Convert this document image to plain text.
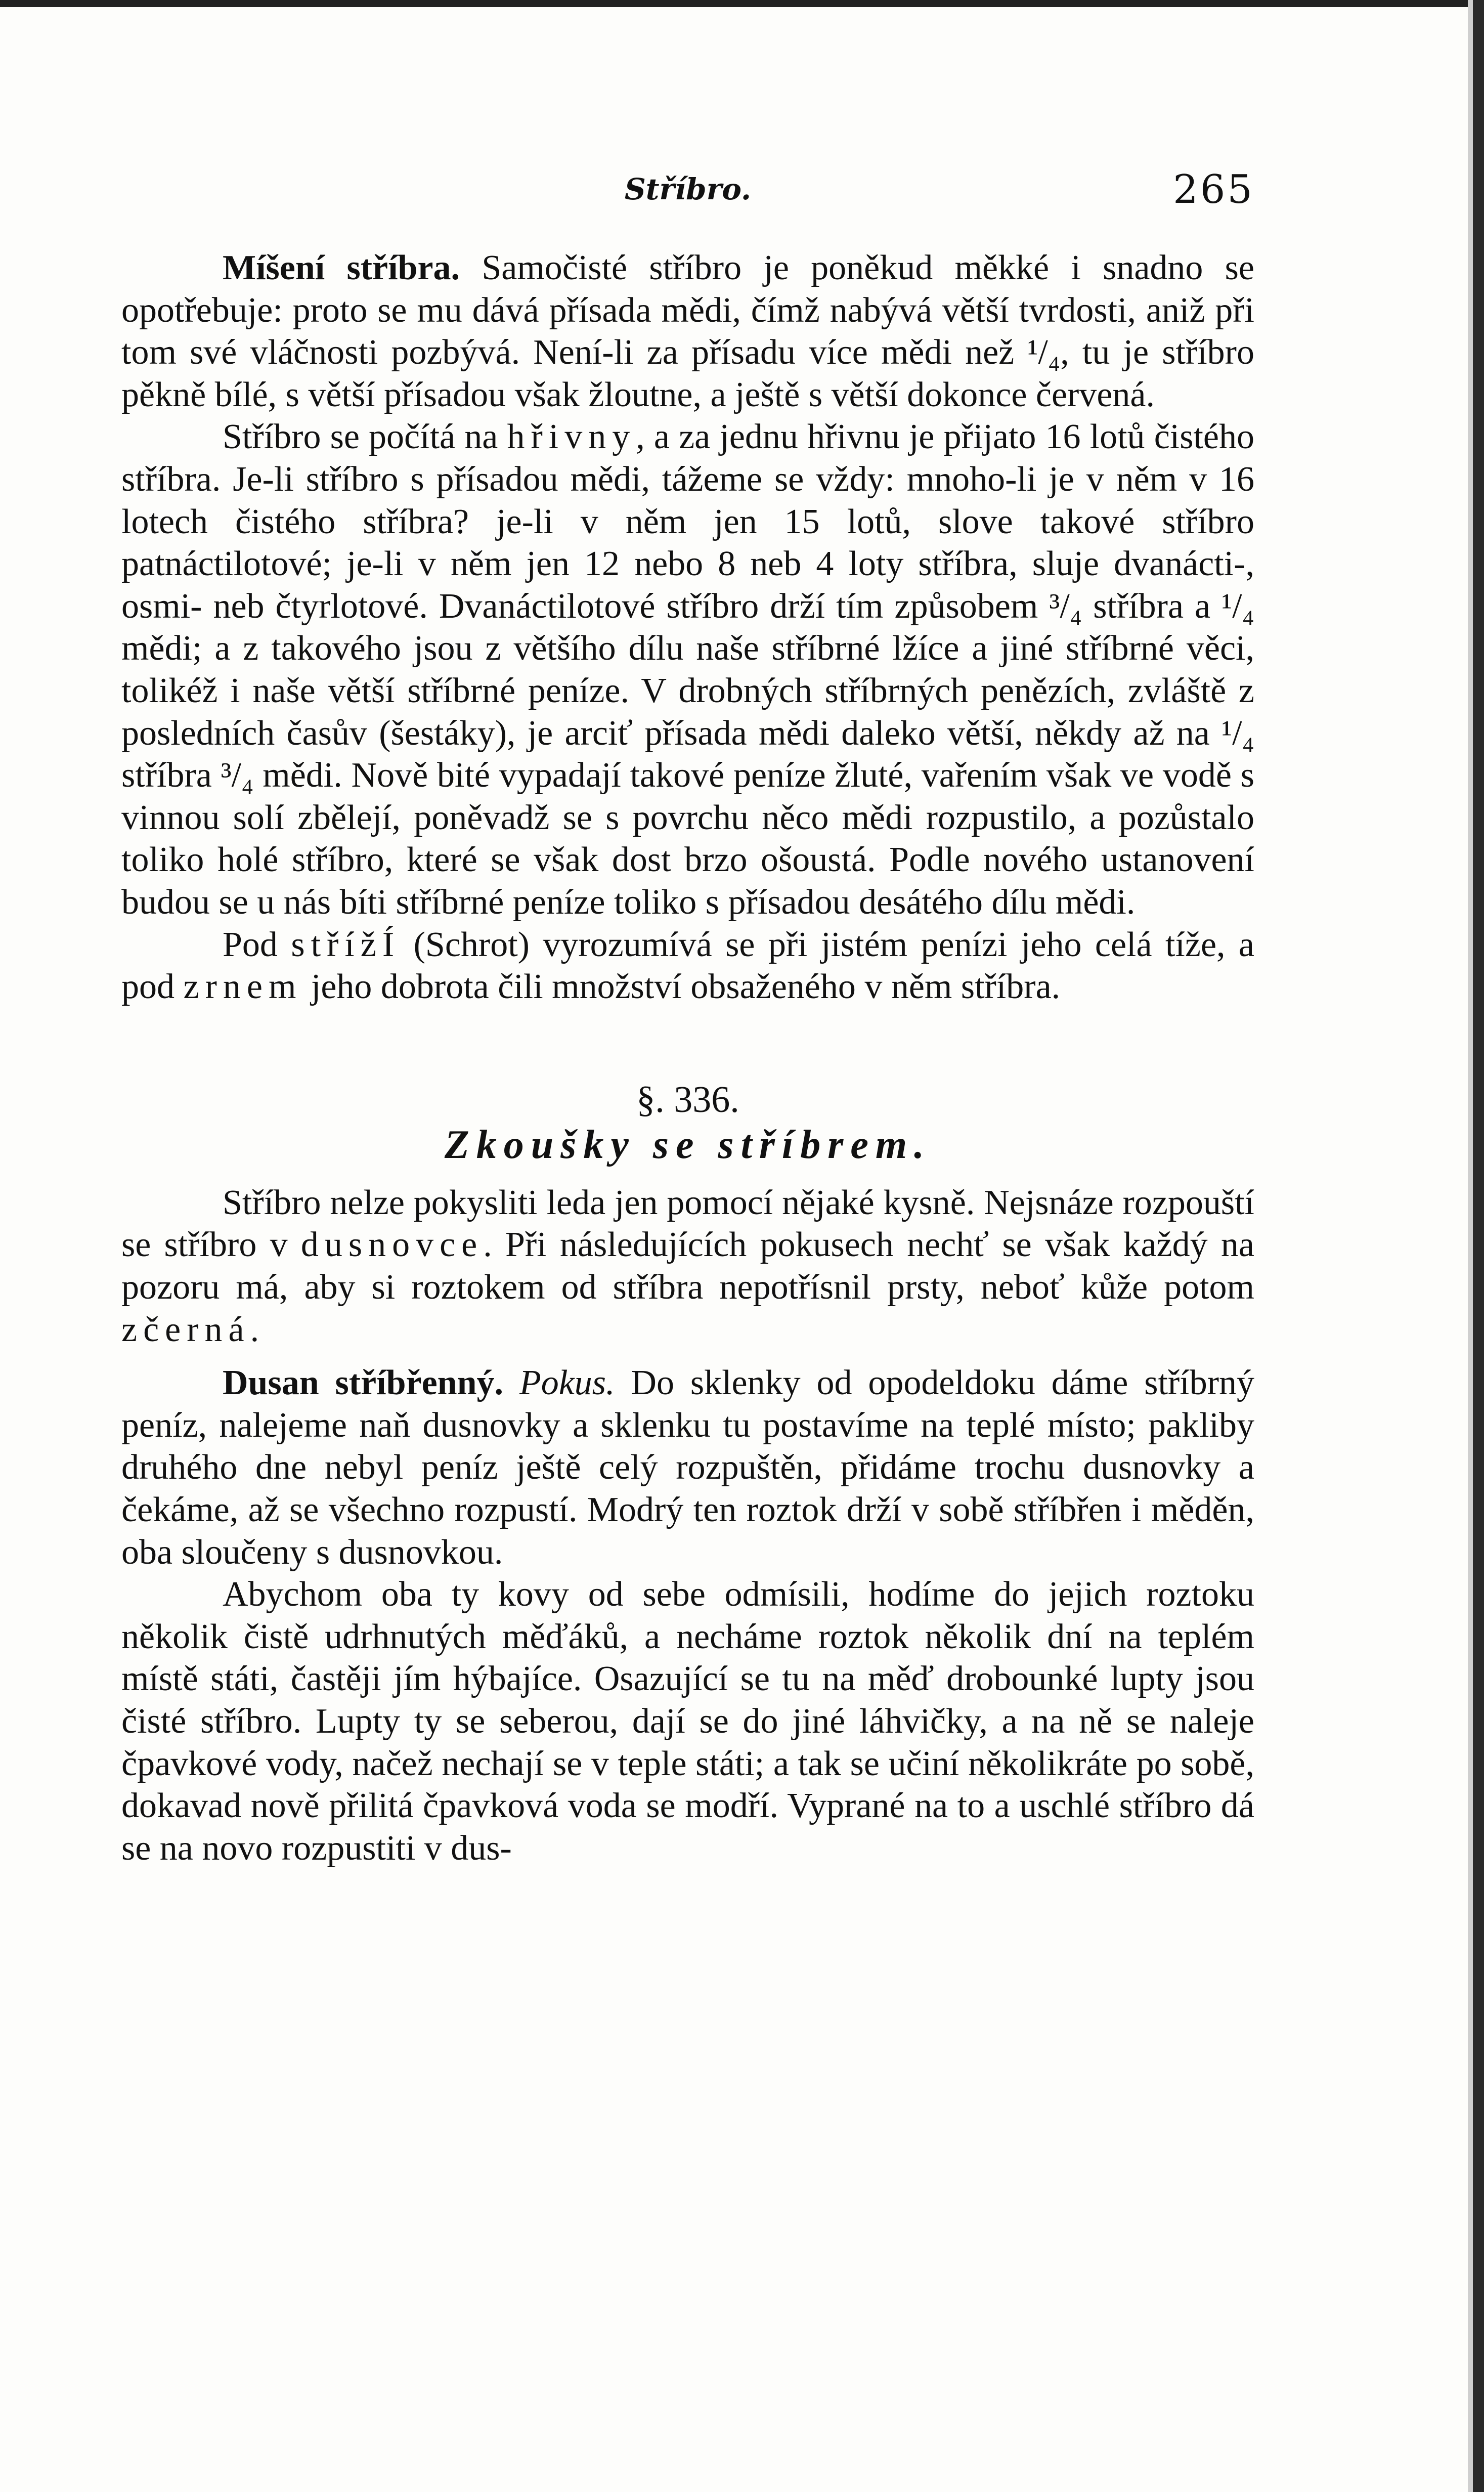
Stříbro.	265

Míšení stříbra. Samočisté stříbro je poněkud měkké i snadno se opotřebuje: proto se mu dává přísada mědi, čímž nabývá větší tvrdosti, aniž při tom své vláčnosti pozbývá. Není-li za přísadu více mědi než ¹/₄, tu je stříbro pěkně bílé, s větší přísadou však žloutne, a ještě s větší dokonce červená.

Stříbro se počítá na hřivny, a za jednu hřivnu je přijato 16 lotů čistého stříbra. Je-li stříbro s přísadou mědi, tážeme se vždy: mnoho-li je v něm v 16 lotech čistého stříbra? je-li v něm jen 15 lotů, slove takové stříbro patnáctilotové; je-li v něm jen 12 nebo 8 neb 4 loty stříbra, sluje dvanácti-, osmi- neb čtyrlotové. Dvanáctilotové stříbro drží tím způsobem ³/₄ stříbra a ¹/₄ mědi; a z takového jsou z většího dílu naše stříbrné lžíce a jiné stříbrné věci, tolikéž i naše větší stříbrné peníze. V drobných stříbrných penězích, zvláště z posledních časův (šestáky), je arciť přísada mědi daleko větší, někdy až na ¹/₄ stříbra ³/₄ mědi. Nově bité vypadají takové peníze žluté, vařením však ve vodě s vinnou solí zbělejí, poněvadž se s povrchu něco mědi rozpustilo, a pozůstalo toliko holé stříbro, které se však dost brzo ošoustá. Podle nového ustanovení budou se u nás bíti stříbrné peníze toliko s přísadou desátého dílu mědi.

Pod střížÍ (Schrot) vyrozumívá se při jistém penízi jeho celá tíže, a pod zrnem jeho dobrota čili množství obsaženého v něm stříbra.

§. 336.

Zkoušky se stříbrem.

Stříbro nelze pokysliti leda jen pomocí nějaké kysně. Nejsnáze rozpouští se stříbro v dusnovce. Při následujících pokusech nechť se však každý na pozoru má, aby si roztokem od stříbra nepotřísnil prsty, neboť kůže potom zčerná.

Dusan stříbřenný. Pokus. Do sklenky od opodeldoku dáme stříbrný peníz, nalejeme naň dusnovky a sklenku tu postavíme na teplé místo; pakliby druhého dne nebyl peníz ještě celý rozpuštěn, přidáme trochu dusnovky a čekáme, až se všechno rozpustí. Modrý ten roztok drží v sobě stříbřen i měděn, oba sloučeny s dusnovkou.

Abychom oba ty kovy od sebe odmísili, hodíme do jejich roztoku několik čistě udrhnutých měďáků, a necháme roztok několik dní na teplém místě státi, častěji jím hýbajíce. Osazující se tu na měď drobounké lupty jsou čisté stříbro. Lupty ty se seberou, dají se do jiné láhvičky, a na ně se naleje čpavkové vody, načež nechají se v teple státi; a tak se učiní několikráte po sobě, dokavad nově přilitá čpavková voda se modří. Vyprané na to a uschlé stříbro dá se na novo rozpustiti v dus-
